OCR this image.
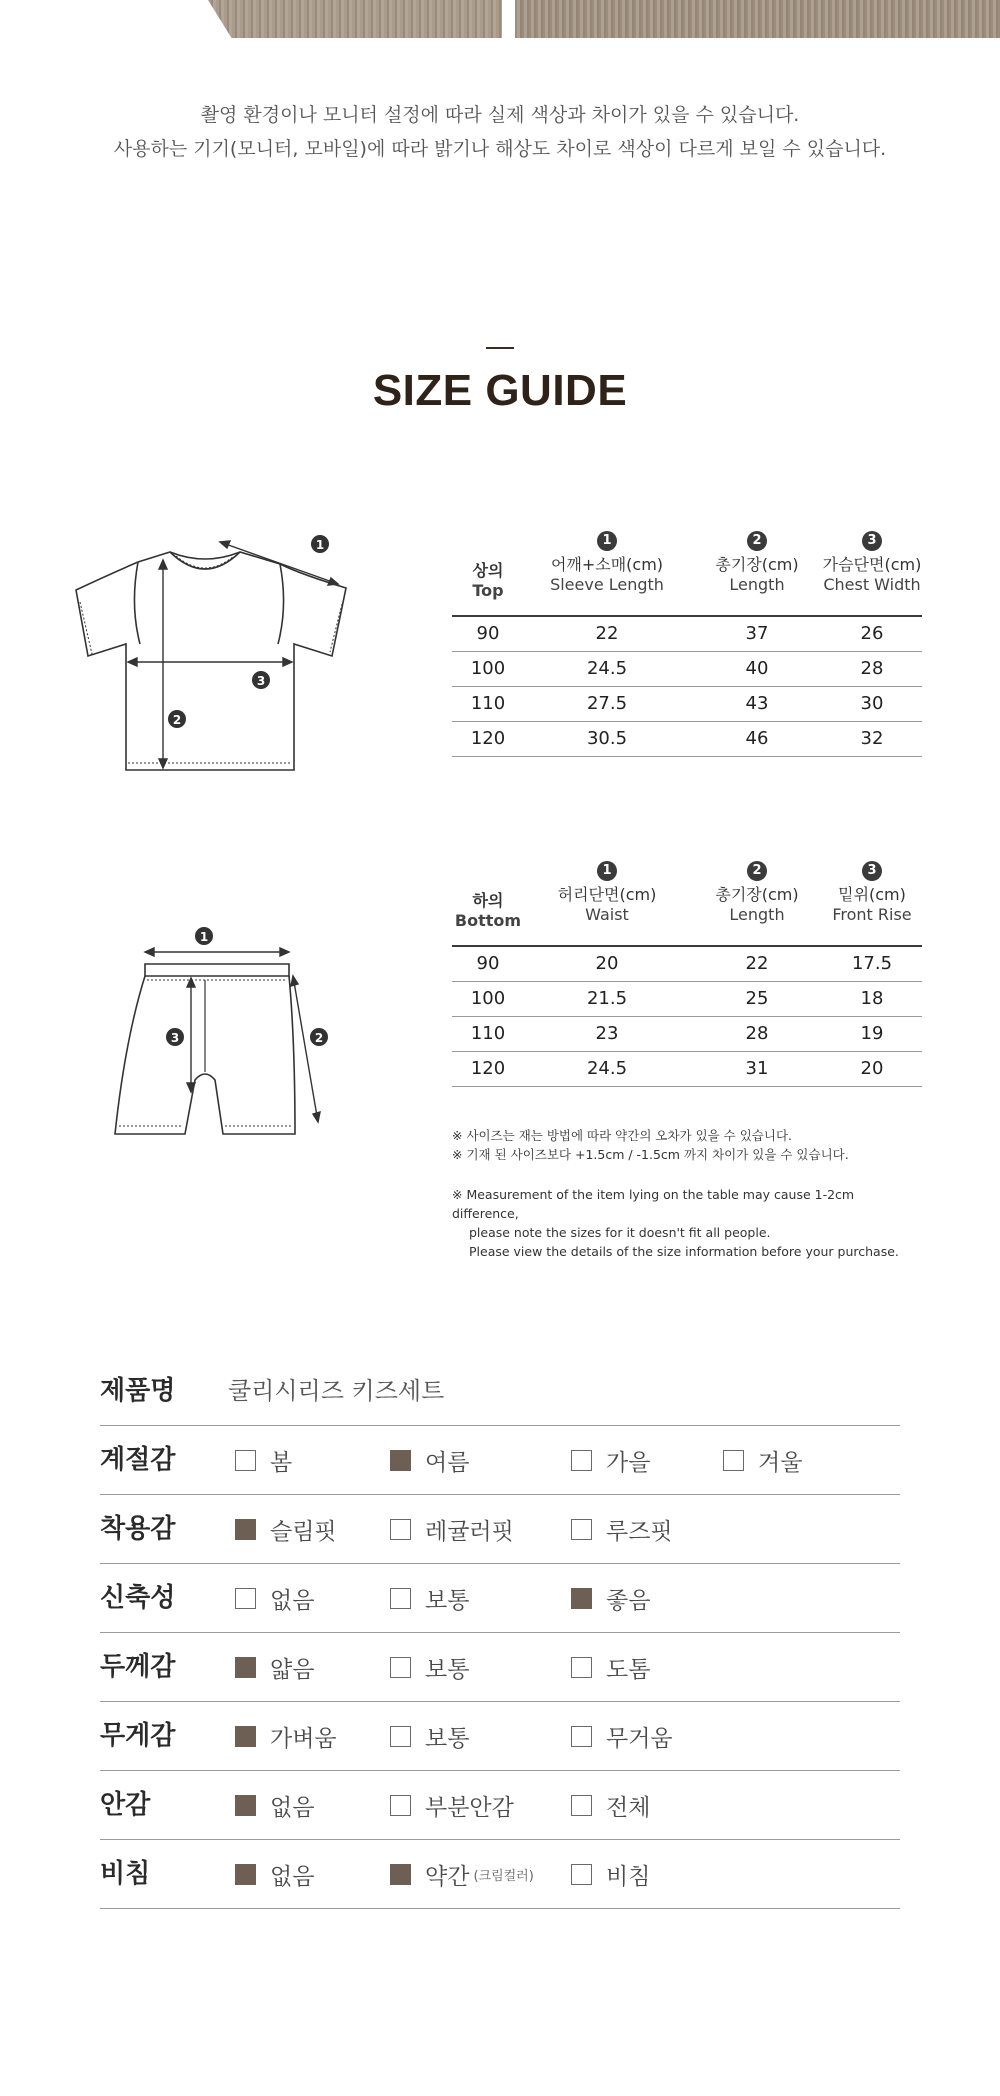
촬영 환경이나 모니터 설정에 따라 실제 색상과 차이가 있을 수 있습니다.
사용하는 기기(모니터, 모바일)에 따라 밝기나 해상도 차이로 색상이 다르게 보일 수 있습니다.
SIZE GUIDE
1
2
3
상의
Top
1
어깨+소매(cm)
Sleeve Length
2
총기장(cm)
Length
3
가슴단면(cm)
Chest Width
90	22	37	26
100	24.5	40	28
110	27.5	43	30
120	30.5	46	32
1
2
3
하의
Bottom
1
허리단면(cm)
Waist
2
총기장(cm)
Length
3
밑위(cm)
Front Rise
90	20	22	17.5
100	21.5	25	18
110	23	28	19
120	24.5	31	20
※ 사이즈는 재는 방법에 따라 약간의 오차가 있을 수 있습니다.
※ 기재 된 사이즈보다 +1.5cm / -1.5cm 까지 차이가 있을 수 있습니다.
※ Measurement of the item lying on the table may cause 1-2cm difference,
please note the sizes for it doesn't fit all people.
Please view the details of the size information before your purchase.
제품명 쿨리시리즈 키즈세트
계절감	봄	여름	가을	겨울
착용감	슬림핏	레귤러핏	루즈핏
신축성	없음	보통	좋음
두께감	얇음	보통	도톰
무게감	가벼움	보통	무거움
안감	없음	부분안감	전체
비침	없음	약간 (크림컬러)	비침
